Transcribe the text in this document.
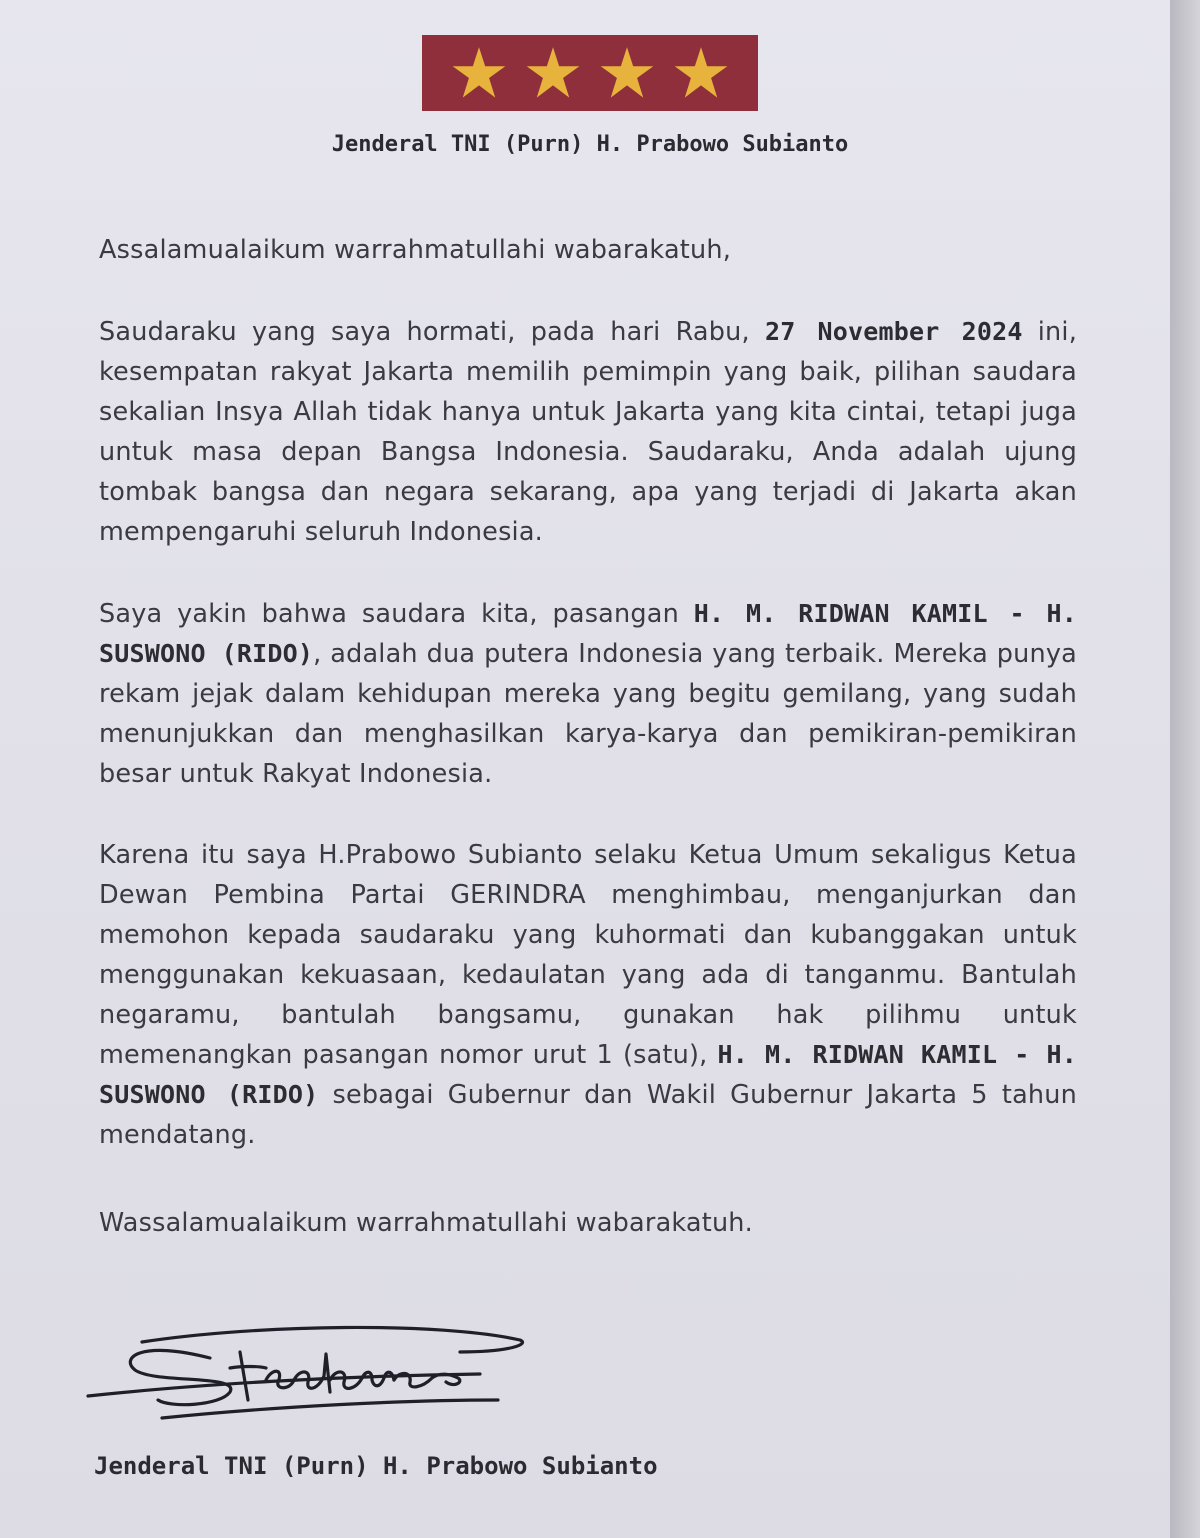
Jenderal TNI (Purn) H. Prabowo Subianto

Assalamualaikum warrahmatullahi wabarakatuh,

Saudaraku yang saya hormati, pada hari Rabu, 27 November 2024 ini, kesempatan rakyat Jakarta memilih pemimpin yang baik, pilihan saudara sekalian Insya Allah tidak hanya untuk Jakarta yang kita cintai, tetapi juga untuk masa depan Bangsa Indonesia. Saudaraku, Anda adalah ujung tombak bangsa dan negara sekarang, apa yang terjadi di Jakarta akan mempengaruhi seluruh Indonesia.

Saya yakin bahwa saudara kita, pasangan H. M. RIDWAN KAMIL - H. SUSWONO (RIDO), adalah dua putera Indonesia yang terbaik. Mereka punya rekam jejak dalam kehidupan mereka yang begitu gemilang, yang sudah menunjukkan dan menghasilkan karya-karya dan pemikiran-pemikiran besar untuk Rakyat Indonesia.

Karena itu saya H.Prabowo Subianto selaku Ketua Umum sekaligus Ketua Dewan Pembina Partai GERINDRA menghimbau, menganjurkan dan memohon kepada saudaraku yang kuhormati dan kubanggakan untuk menggunakan kekuasaan, kedaulatan yang ada di tanganmu. Bantulah negaramu, bantulah bangsamu, gunakan hak pilihmu untuk memenangkan pasangan nomor urut 1 (satu), H. M. RIDWAN KAMIL - H. SUSWONO (RIDO) sebagai Gubernur dan Wakil Gubernur Jakarta 5 tahun mendatang.

Wassalamualaikum warrahmatullahi wabarakatuh.

Jenderal TNI (Purn) H. Prabowo Subianto
